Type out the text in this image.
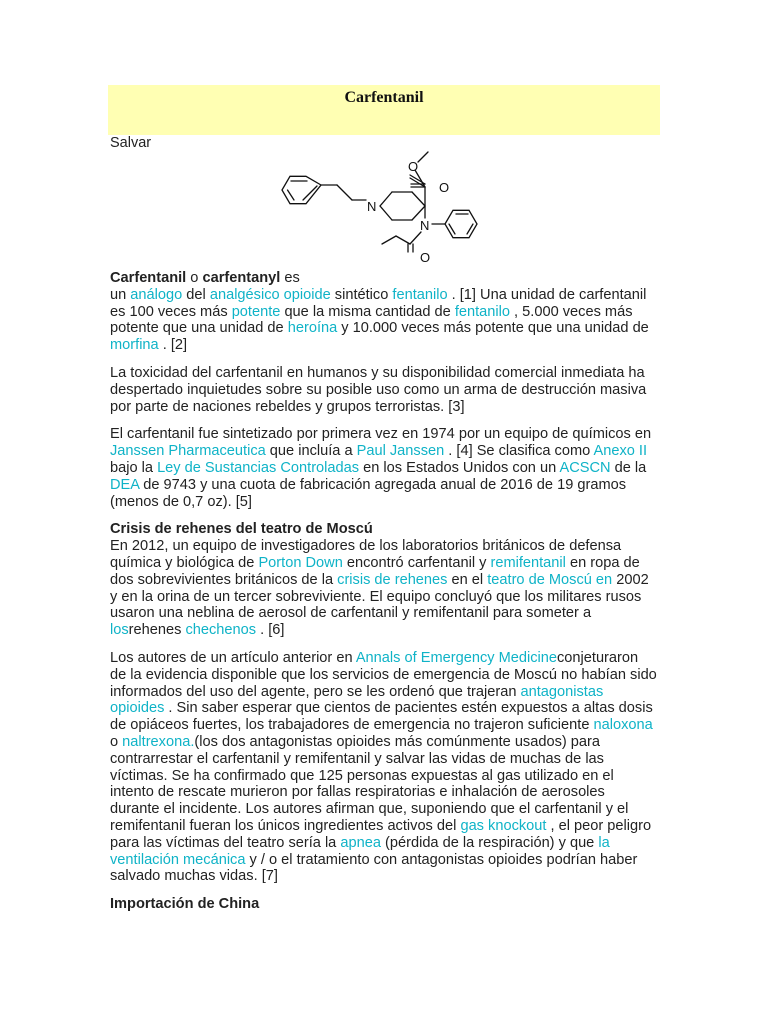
Carfentanil
Salvar
O
O
N
N
O

Carfentanil o carfentanyl es
un análogo del analgésico opioide sintético fentanilo . [1] Una unidad de carfentanil es 100 veces más potente que la misma cantidad de fentanilo , 5.000 veces más potente que una unidad de heroína y 10.000 veces más potente que una unidad de morfina . [2]

La toxicidad del carfentanil en humanos y su disponibilidad comercial inmediata ha despertado inquietudes sobre su posible uso como un arma de destrucción masiva por parte de naciones rebeldes y grupos terroristas. [3]

El carfentanil fue sintetizado por primera vez en 1974 por un equipo de químicos en Janssen Pharmaceutica que incluía a Paul Janssen . [4] Se clasifica como Anexo II bajo la Ley de Sustancias Controladas en los Estados Unidos con un ACSCN de la DEA de 9743 y una cuota de fabricación agregada anual de 2016 de 19 gramos (menos de 0,7 oz). [5]

Crisis de rehenes del teatro de Moscú

En 2012, un equipo de investigadores de los laboratorios británicos de defensa química y biológica de Porton Down encontró carfentanil y remifentanil en ropa de dos sobrevivientes británicos de la crisis de rehenes en el teatro de Moscú en 2002 y en la orina de un tercer sobreviviente. El equipo concluyó que los militares rusos usaron una neblina de aerosol de carfentanil y remifentanil para someter a losrehenes chechenos . [6]

Los autores de un artículo anterior en Annals of Emergency Medicineconjeturaron de la evidencia disponible que los servicios de emergencia de Moscú no habían sido informados del uso del agente, pero se les ordenó que trajeran antagonistas opioides . Sin saber esperar que cientos de pacientes estén expuestos a altas dosis de opiáceos fuertes, los trabajadores de emergencia no trajeron suficiente naloxona o naltrexona.(los dos antagonistas opioides más comúnmente usados) para contrarrestar el carfentanil y remifentanil y salvar las vidas de muchas de las víctimas. Se ha confirmado que 125 personas expuestas al gas utilizado en el intento de rescate murieron por fallas respiratorias e inhalación de aerosoles durante el incidente. Los autores afirman que, suponiendo que el carfentanil y el remifentanil fueran los únicos ingredientes activos del gas knockout , el peor peligro para las víctimas del teatro sería la apnea (pérdida de la respiración) y que la ventilación mecánica y / o el tratamiento con antagonistas opioides podrían haber salvado muchas vidas. [7]

Importación de China
